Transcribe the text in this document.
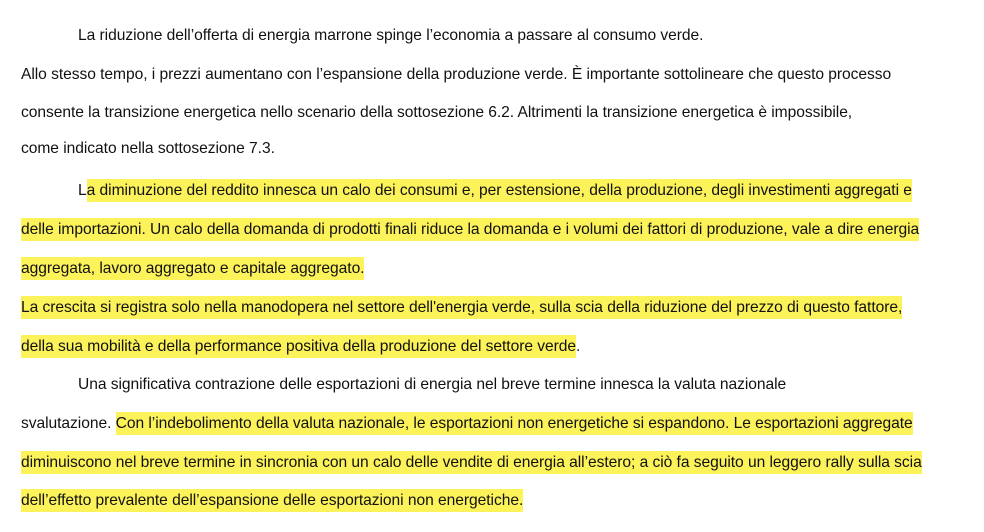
La riduzione dell’offerta di energia marrone spinge l’economia a passare al consumo verde.
Allo stesso tempo, i prezzi aumentano con l’espansione della produzione verde. È importante sottolineare che questo processo
consente la transizione energetica nello scenario della sottosezione 6.2. Altrimenti la transizione energetica è impossibile,
come indicato nella sottosezione 7.3.
La diminuzione del reddito innesca un calo dei consumi e, per estensione, della produzione, degli investimenti aggregati e
delle importazioni. Un calo della domanda di prodotti finali riduce la domanda e i volumi dei fattori di produzione, vale a dire energia
aggregata, lavoro aggregato e capitale aggregato.
La crescita si registra solo nella manodopera nel settore dell'energia verde, sulla scia della riduzione del prezzo di questo fattore,
della sua mobilità e della performance positiva della produzione del settore verde.
Una significativa contrazione delle esportazioni di energia nel breve termine innesca la valuta nazionale
svalutazione. Con l’indebolimento della valuta nazionale, le esportazioni non energetiche si espandono. Le esportazioni aggregate
diminuiscono nel breve termine in sincronia con un calo delle vendite di energia all’estero; a ciò fa seguito un leggero rally sulla scia
dell’effetto prevalente dell’espansione delle esportazioni non energetiche.
